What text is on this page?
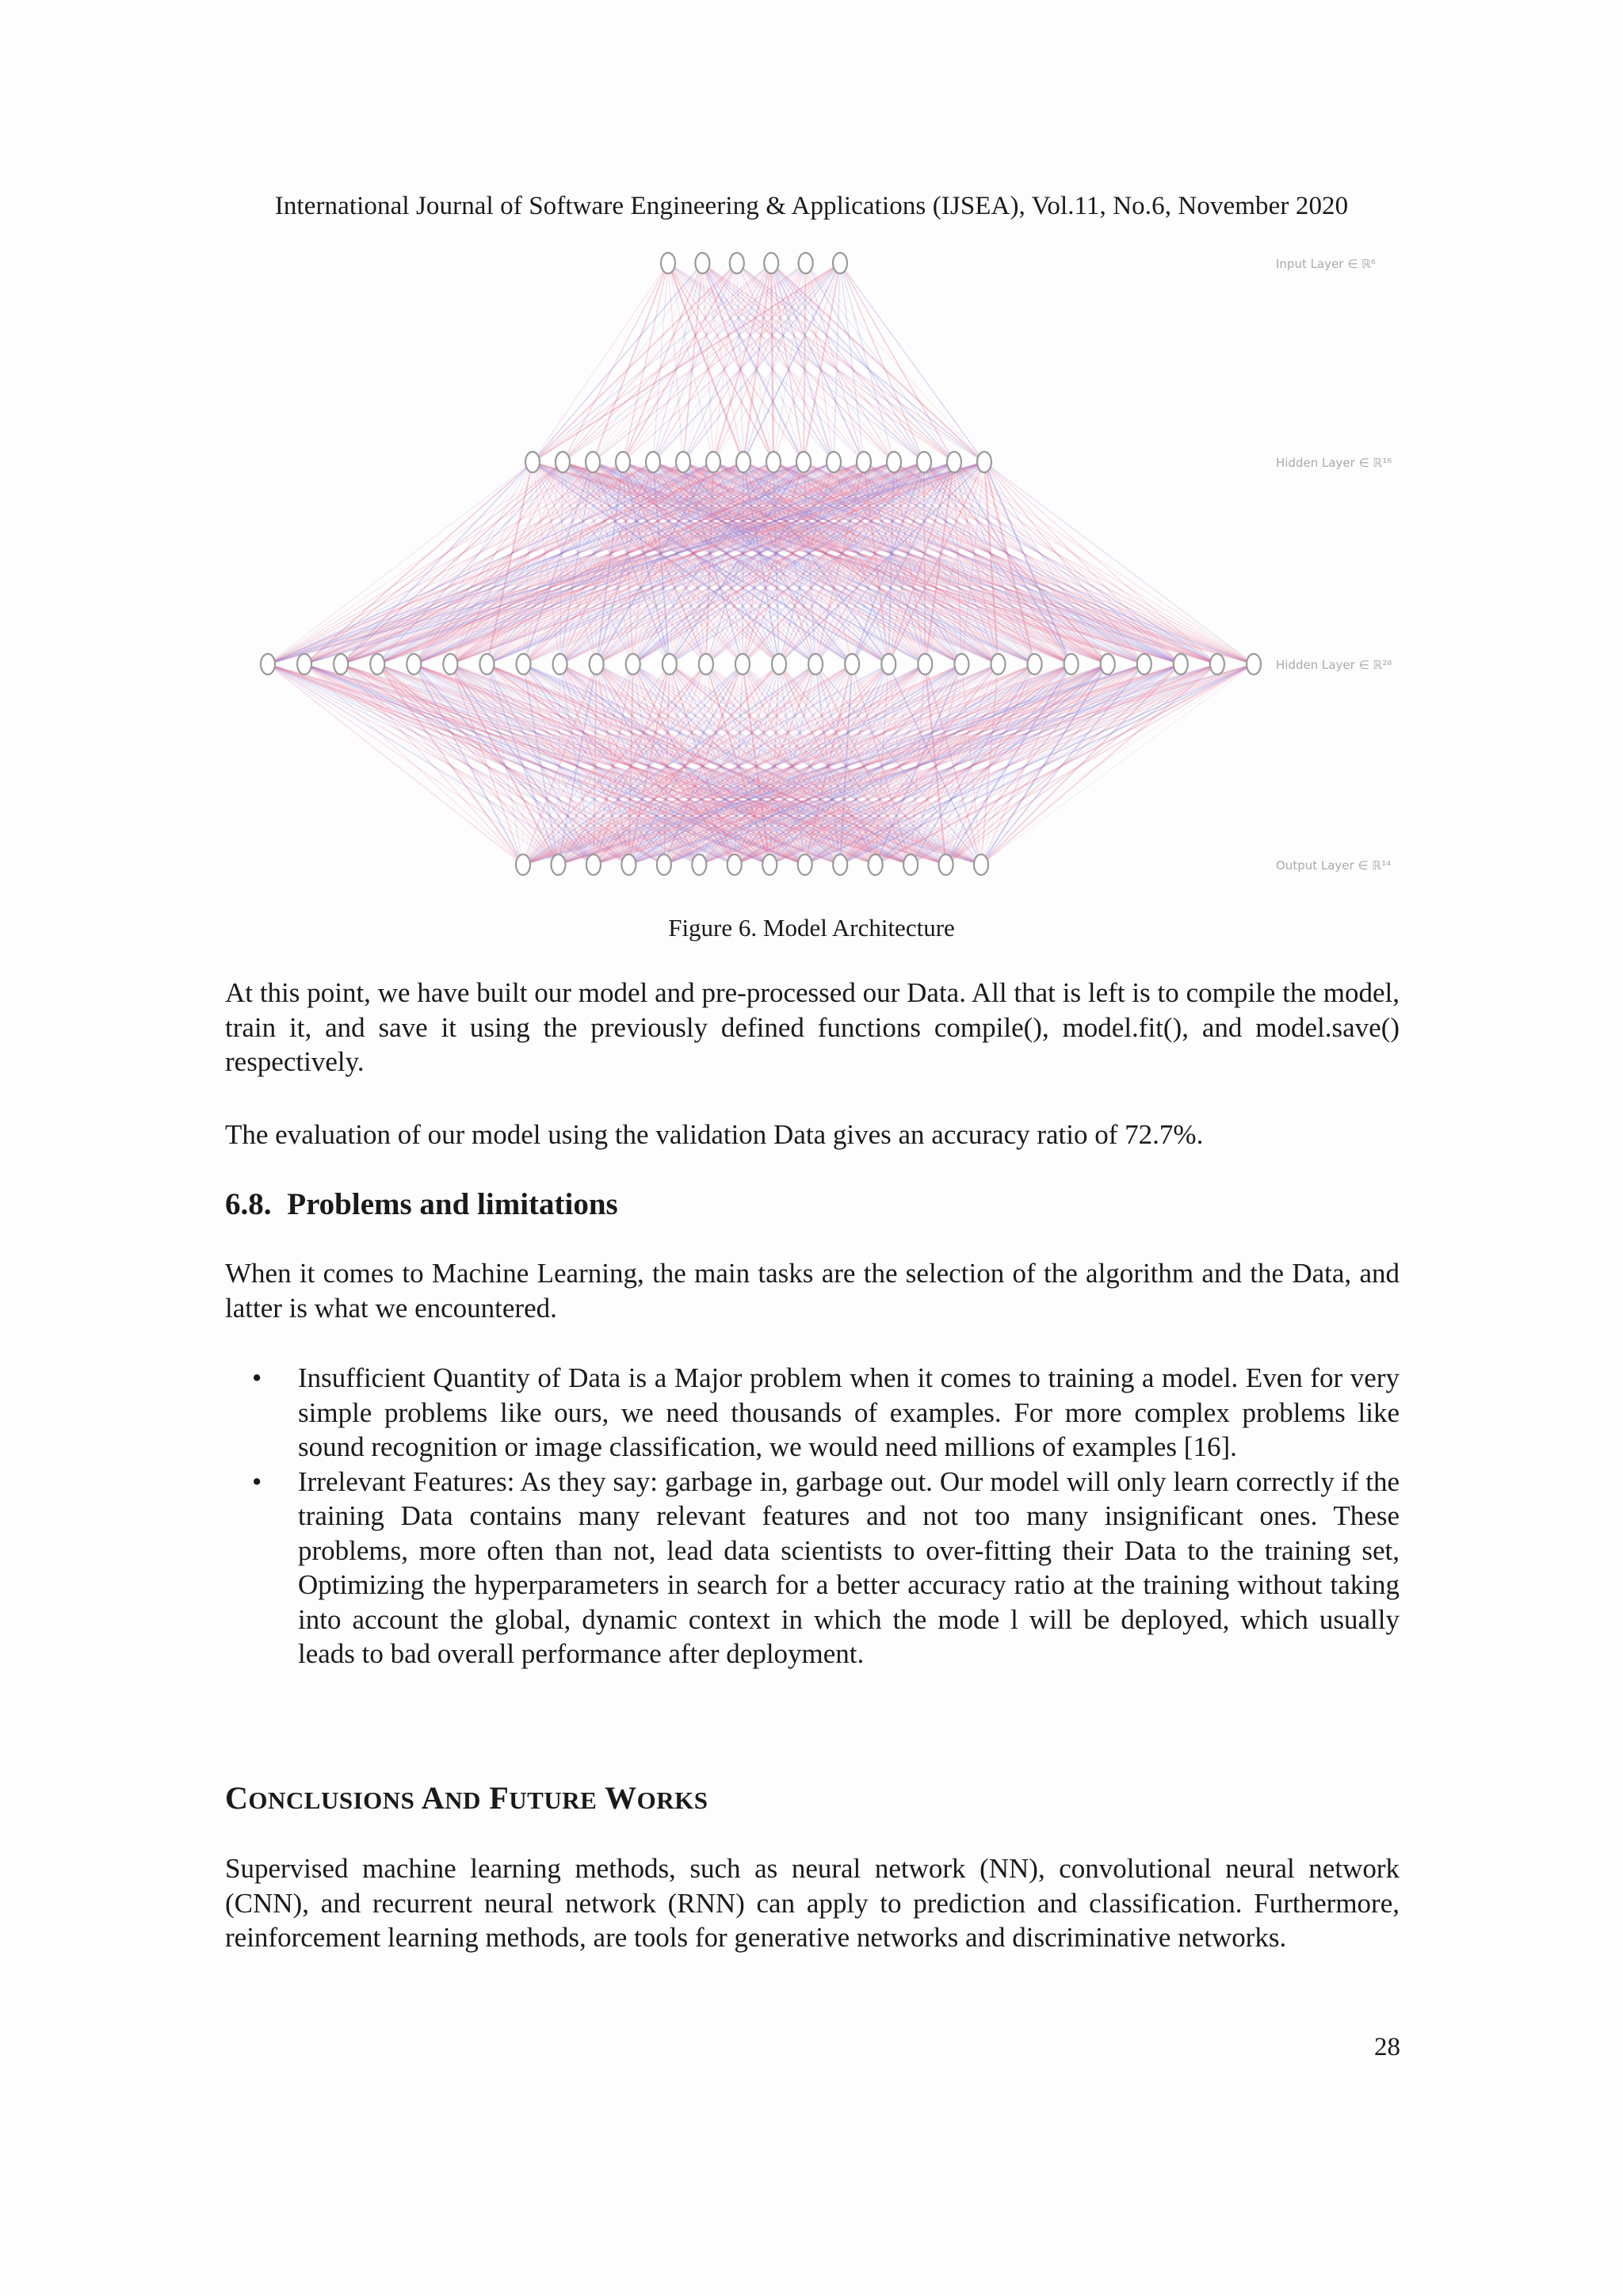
International Journal of Software Engineering & Applications (IJSEA), Vol.11, No.6, November 2020
Input Layer ∈ ℝ⁶
Hidden Layer ∈ ℝ¹⁶
Hidden Layer ∈ ℝ²⁸
Output Layer ∈ ℝ¹⁴
Figure 6. Model Architecture
At this point, we have built our model and pre-processed our Data. All that is left is to compile the model, train it, and save it using the previously defined functions compile(), model.fit(), and model.save() respectively.
The evaluation of our model using the validation Data gives an accuracy ratio of 72.7%.
6.8. Problems and limitations
When it comes to Machine Learning, the main tasks are the selection of the algorithm and the Data, and latter is what we encountered.
•	Insufficient Quantity of Data is a Major problem when it comes to training a model. Even for very simple problems like ours, we need thousands of examples. For more complex problems like sound recognition or image classification, we would need millions of examples [16].
•	Irrelevant Features: As they say: garbage in, garbage out. Our model will only learn correctly if the training Data contains many relevant features and not too many insignificant ones. These problems, more often than not, lead data scientists to over-fitting their Data to the training set, Optimizing the hyperparameters in search for a better accuracy ratio at the training without taking into account the global, dynamic context in which the mode l will be deployed, which usually leads to bad overall performance after deployment.
CONCLUSIONS AND FUTURE WORKS
Supervised machine learning methods, such as neural network (NN), convolutional neural network (CNN), and recurrent neural network (RNN) can apply to prediction and classification. Furthermore, reinforcement learning methods, are tools for generative networks and discriminative networks.
28
